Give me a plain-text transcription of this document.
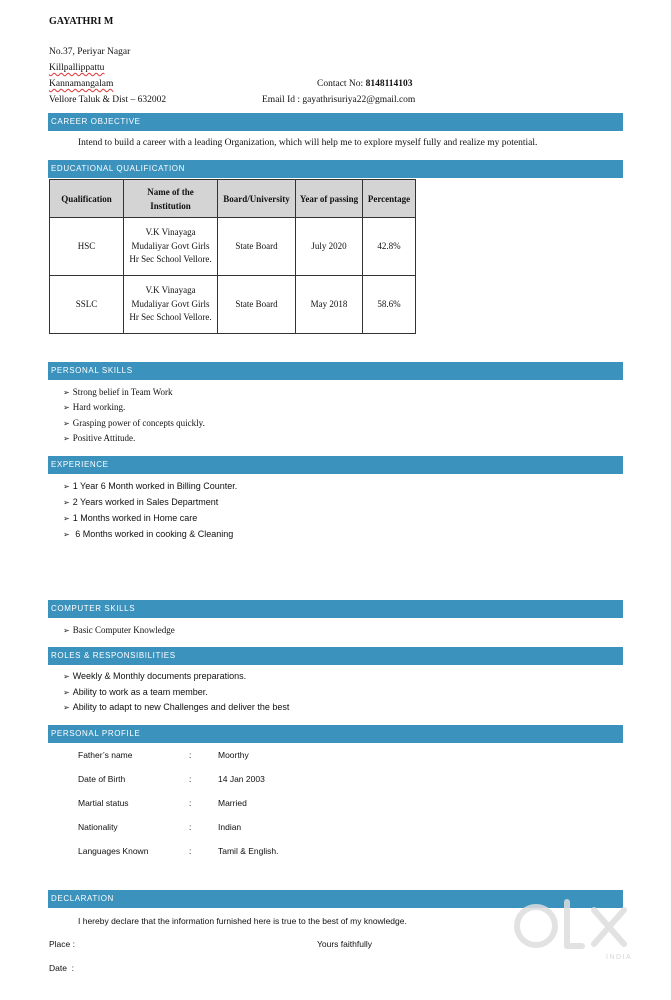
GAYATHRI M
No.37, Periyar Nagar
Killpallippattu
Kannamangalam
Vellore Taluk & Dist – 632002
Contact No: 8148114103
Email Id : gayathrisuriya22@gmail.com
CAREER OBJECTIVE
Intend to build a career with a leading Organization, which will help me to explore myself fully and realize my potential.
EDUCATIONAL QUALIFICATION
Qualification	Name of the Institution	Board/University	Year of passing	Percentage
HSC	V.K Vinayaga Mudaliyar Govt Girls Hr Sec School Vellore.	State Board	July 2020	42.8%
SSLC	V.K Vinayaga Mudaliyar Govt Girls Hr Sec School Vellore.	State Board	May 2018	58.6%
PERSONAL SKILLS
➢ Strong belief in Team Work
➢ Hard working.
➢ Grasping power of concepts quickly.
➢ Positive Attitude.
EXPERIENCE
➢ 1 Year 6 Month worked in Billing Counter.
➢ 2 Years worked in Sales Department
➢ 1 Months worked in Home care
➢ 6 Months worked in cooking & Cleaning
COMPUTER SKILLS
➢ Basic Computer Knowledge
ROLES & RESPONSIBILITIES
➢ Weekly & Monthly documents preparations.
➢ Ability to work as a team member.
➢ Ability to adapt to new Challenges and deliver the best
PERSONAL PROFILE
Father’s name	:	Moorthy
Date of Birth	:	14 Jan 2003
Martial status	:	Married
Nationality	:	Indian
Languages Known	:	Tamil & English.
DECLARATION
I hereby declare that the information furnished here is true to the best of my knowledge.
Place :	Yours faithfully
Date  :
INDIA
